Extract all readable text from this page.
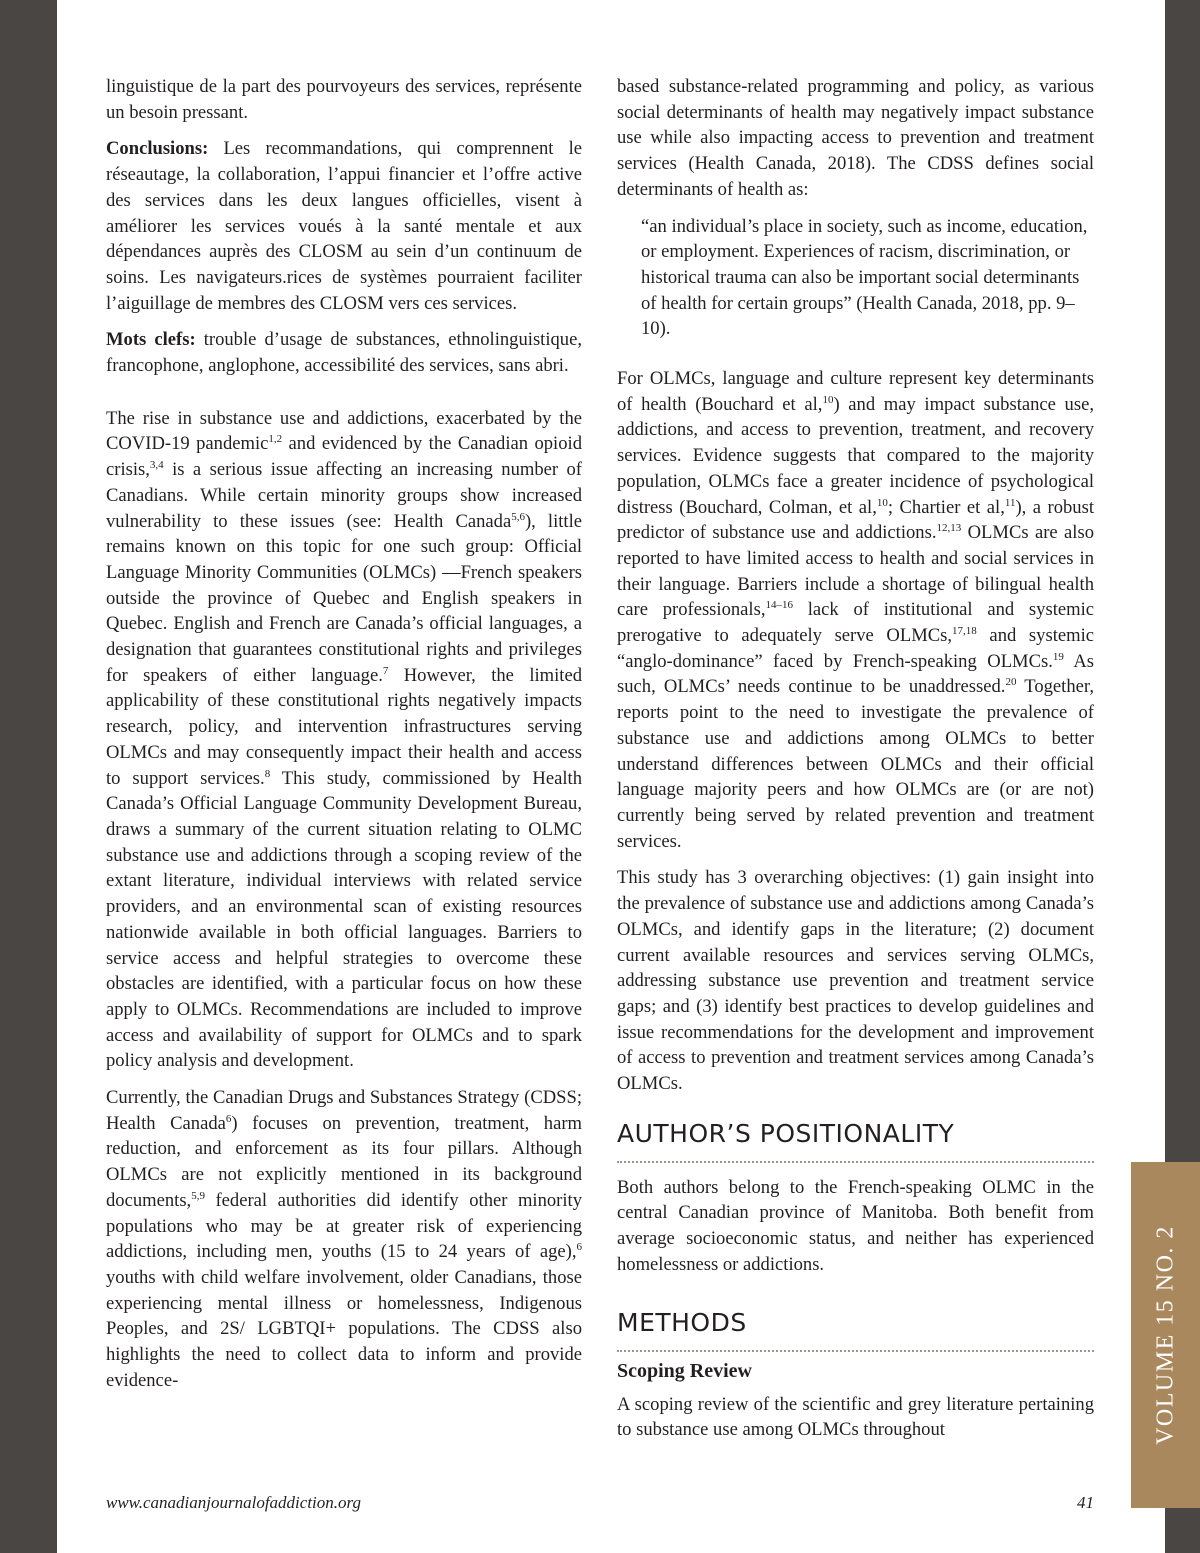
linguistique de la part des pourvoyeurs des services, représente un besoin pressant.

Conclusions: Les recommandations, qui comprennent le réseautage, la collaboration, l’appui financier et l’offre active des services dans les deux langues officielles, visent à améliorer les services voués à la santé mentale et aux dépendances auprès des CLOSM au sein d’un continuum de soins. Les navigateurs.rices de systèmes pourraient faciliter l’aiguillage de membres des CLOSM vers ces services.

Mots clefs: trouble d’usage de substances, ethnolinguistique, francophone, anglophone, accessibilité des services, sans abri.

The rise in substance use and addictions, exacerbated by the COVID-19 pandemic$^{1,2}$ and evidenced by the Canadian opioid crisis,$^{3,4}$ is a serious issue affecting an increasing number of Canadians. While certain minority groups show increased vulnerability to these issues (see: Health Canada$^{5,6}$), little remains known on this topic for one such group: Official Language Minority Communities (OLMCs) —French speakers outside the province of Quebec and English speakers in Quebec. English and French are Canada’s official languages, a designation that guarantees constitutional rights and privileges for speakers of either language.$^7$ However, the limited applicability of these constitutional rights negatively impacts research, policy, and intervention infrastructures serving OLMCs and may consequently impact their health and access to support services.$^8$ This study, commissioned by Health Canada’s Official Language Community Development Bureau, draws a summary of the current situation relating to OLMC substance use and addictions through a scoping review of the extant literature, individual interviews with related service providers, and an environmental scan of existing resources nationwide available in both official languages. Barriers to service access and helpful strategies to overcome these obstacles are identified, with a particular focus on how these apply to OLMCs. Recommendations are included to improve access and availability of support for OLMCs and to spark policy analysis and development.

Currently, the Canadian Drugs and Substances Strategy (CDSS; Health Canada$^6$) focuses on prevention, treatment, harm reduction, and enforcement as its four pillars. Although OLMCs are not explicitly mentioned in its background documents,$^{5,9}$ federal authorities did identify other minority populations who may be at greater risk of experiencing addictions, including men, youths (15 to 24 years of age),$^6$ youths with child welfare involvement, older Canadians, those experiencing mental illness or homelessness, Indigenous Peoples, and 2S/ LGBTQI+ populations. The CDSS also highlights the need to collect data to inform and provide evidence-

based substance-related programming and policy, as various social determinants of health may negatively impact substance use while also impacting access to prevention and treatment services (Health Canada, 2018). The CDSS defines social determinants of health as:

“an individual’s place in society, such as income, education, or employment. Experiences of racism, discrimination, or historical trauma can also be important social determinants of health for certain groups” (Health Canada, 2018, pp. 9–10).

For OLMCs, language and culture represent key determinants of health (Bouchard et al,$^{10}$) and may impact substance use, addictions, and access to prevention, treatment, and recovery services. Evidence suggests that compared to the majority population, OLMCs face a greater incidence of psychological distress (Bouchard, Colman, et al,$^{10}$; Chartier et al,$^{11}$), a robust predictor of substance use and addictions.$^{12,13}$ OLMCs are also reported to have limited access to health and social services in their language. Barriers include a shortage of bilingual health care professionals,$^{14-16}$ lack of institutional and systemic prerogative to adequately serve OLMCs,$^{17,18}$ and systemic “anglo-dominance” faced by French-speaking OLMCs.$^{19}$ As such, OLMCs’ needs continue to be unaddressed.$^{20}$ Together, reports point to the need to investigate the prevalence of substance use and addictions among OLMCs to better understand differences between OLMCs and their official language majority peers and how OLMCs are (or are not) currently being served by related prevention and treatment services.

This study has 3 overarching objectives: (1) gain insight into the prevalence of substance use and addictions among Canada’s OLMCs, and identify gaps in the literature; (2) document current available resources and services serving OLMCs, addressing substance use prevention and treatment service gaps; and (3) identify best practices to develop guidelines and issue recommendations for the development and improvement of access to prevention and treatment services among Canada’s OLMCs.

AUTHOR’S POSITIONALITY

Both authors belong to the French-speaking OLMC in the central Canadian province of Manitoba. Both benefit from average socioeconomic status, and neither has experienced homelessness or addictions.

METHODS
Scoping Review

A scoping review of the scientific and grey literature pertaining to substance use among OLMCs throughout	VOLUME 15 NO. 2
www.canadianjournalofaddiction.org	41
